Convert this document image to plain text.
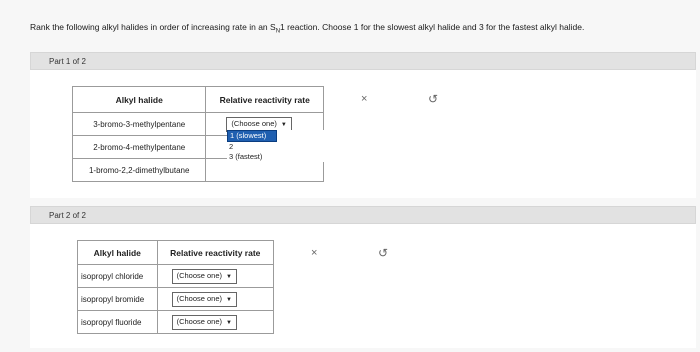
Rank the following alkyl halides in order of increasing rate in an $S_N1$ reaction. Choose 1 for the slowest alkyl halide and 3 for the fastest alkyl halide.
Part 1 of 2
Alkyl halide	Relative reactivity rate
3-bromo-3-methylpentane	(Choose one) ▼
2-bromo-4-methylpentane	
1-bromo-2,2-dimethylbutane	
1 (slowest)
2
3 (fastest)
×	↺
Part 2 of 2
Alkyl halide	Relative reactivity rate
isopropyl chloride	(Choose one) ▼
isopropyl bromide	(Choose one) ▼
isopropyl fluoride	(Choose one) ▼
×	↺
